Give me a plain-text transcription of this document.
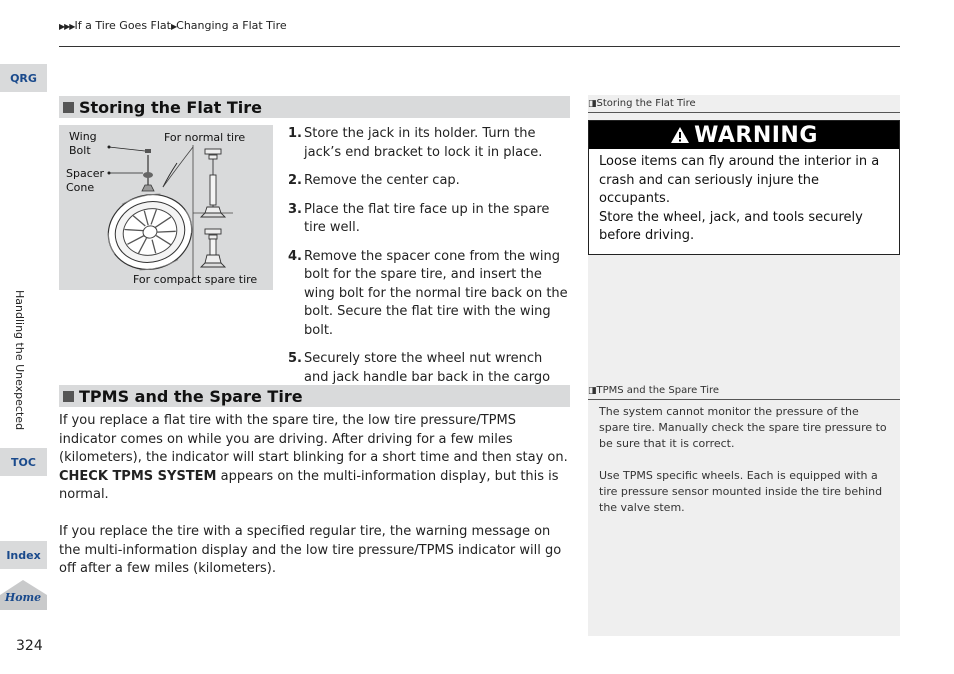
▶▶▶If a Tire Goes Flat▶Changing a Flat Tire
QRG
Handling the Unexpected
TOC
Index
Home
324
Storing the Flat Tire
Wing Bolt
Spacer Cone
For normal tire
For compact spare tire
1. Store the jack in its holder. Turn the jack’s end bracket to lock it in place.
2. Remove the center cap.
3. Place the flat tire face up in the spare tire well.
4. Remove the spacer cone from the wing bolt for the spare tire, and insert the wing bolt for the normal tire back on the bolt. Secure the flat tire with the wing bolt.
5. Securely store the wheel nut wrench and jack handle bar back in the cargo
TPMS and the Spare Tire

If you replace a flat tire with the spare tire, the low tire pressure/TPMS indicator comes on while you are driving. After driving for a few miles (kilometers), the indicator will start blinking for a short time and then stay on. CHECK TPMS SYSTEM appears on the multi-information display, but this is normal.

If you replace the tire with a specified regular tire, the warning message on the multi-information display and the low tire pressure/TPMS indicator will go off after a few miles (kilometers).

◨Storing the Flat Tire
WARNING
Loose items can fly around the interior in a crash and can seriously injure the occupants.
Store the wheel, jack, and tools securely before driving.
◨TPMS and the Spare Tire

The system cannot monitor the pressure of the spare tire. Manually check the spare tire pressure to be sure that it is correct.

Use TPMS specific wheels. Each is equipped with a tire pressure sensor mounted inside the tire behind the valve stem.
